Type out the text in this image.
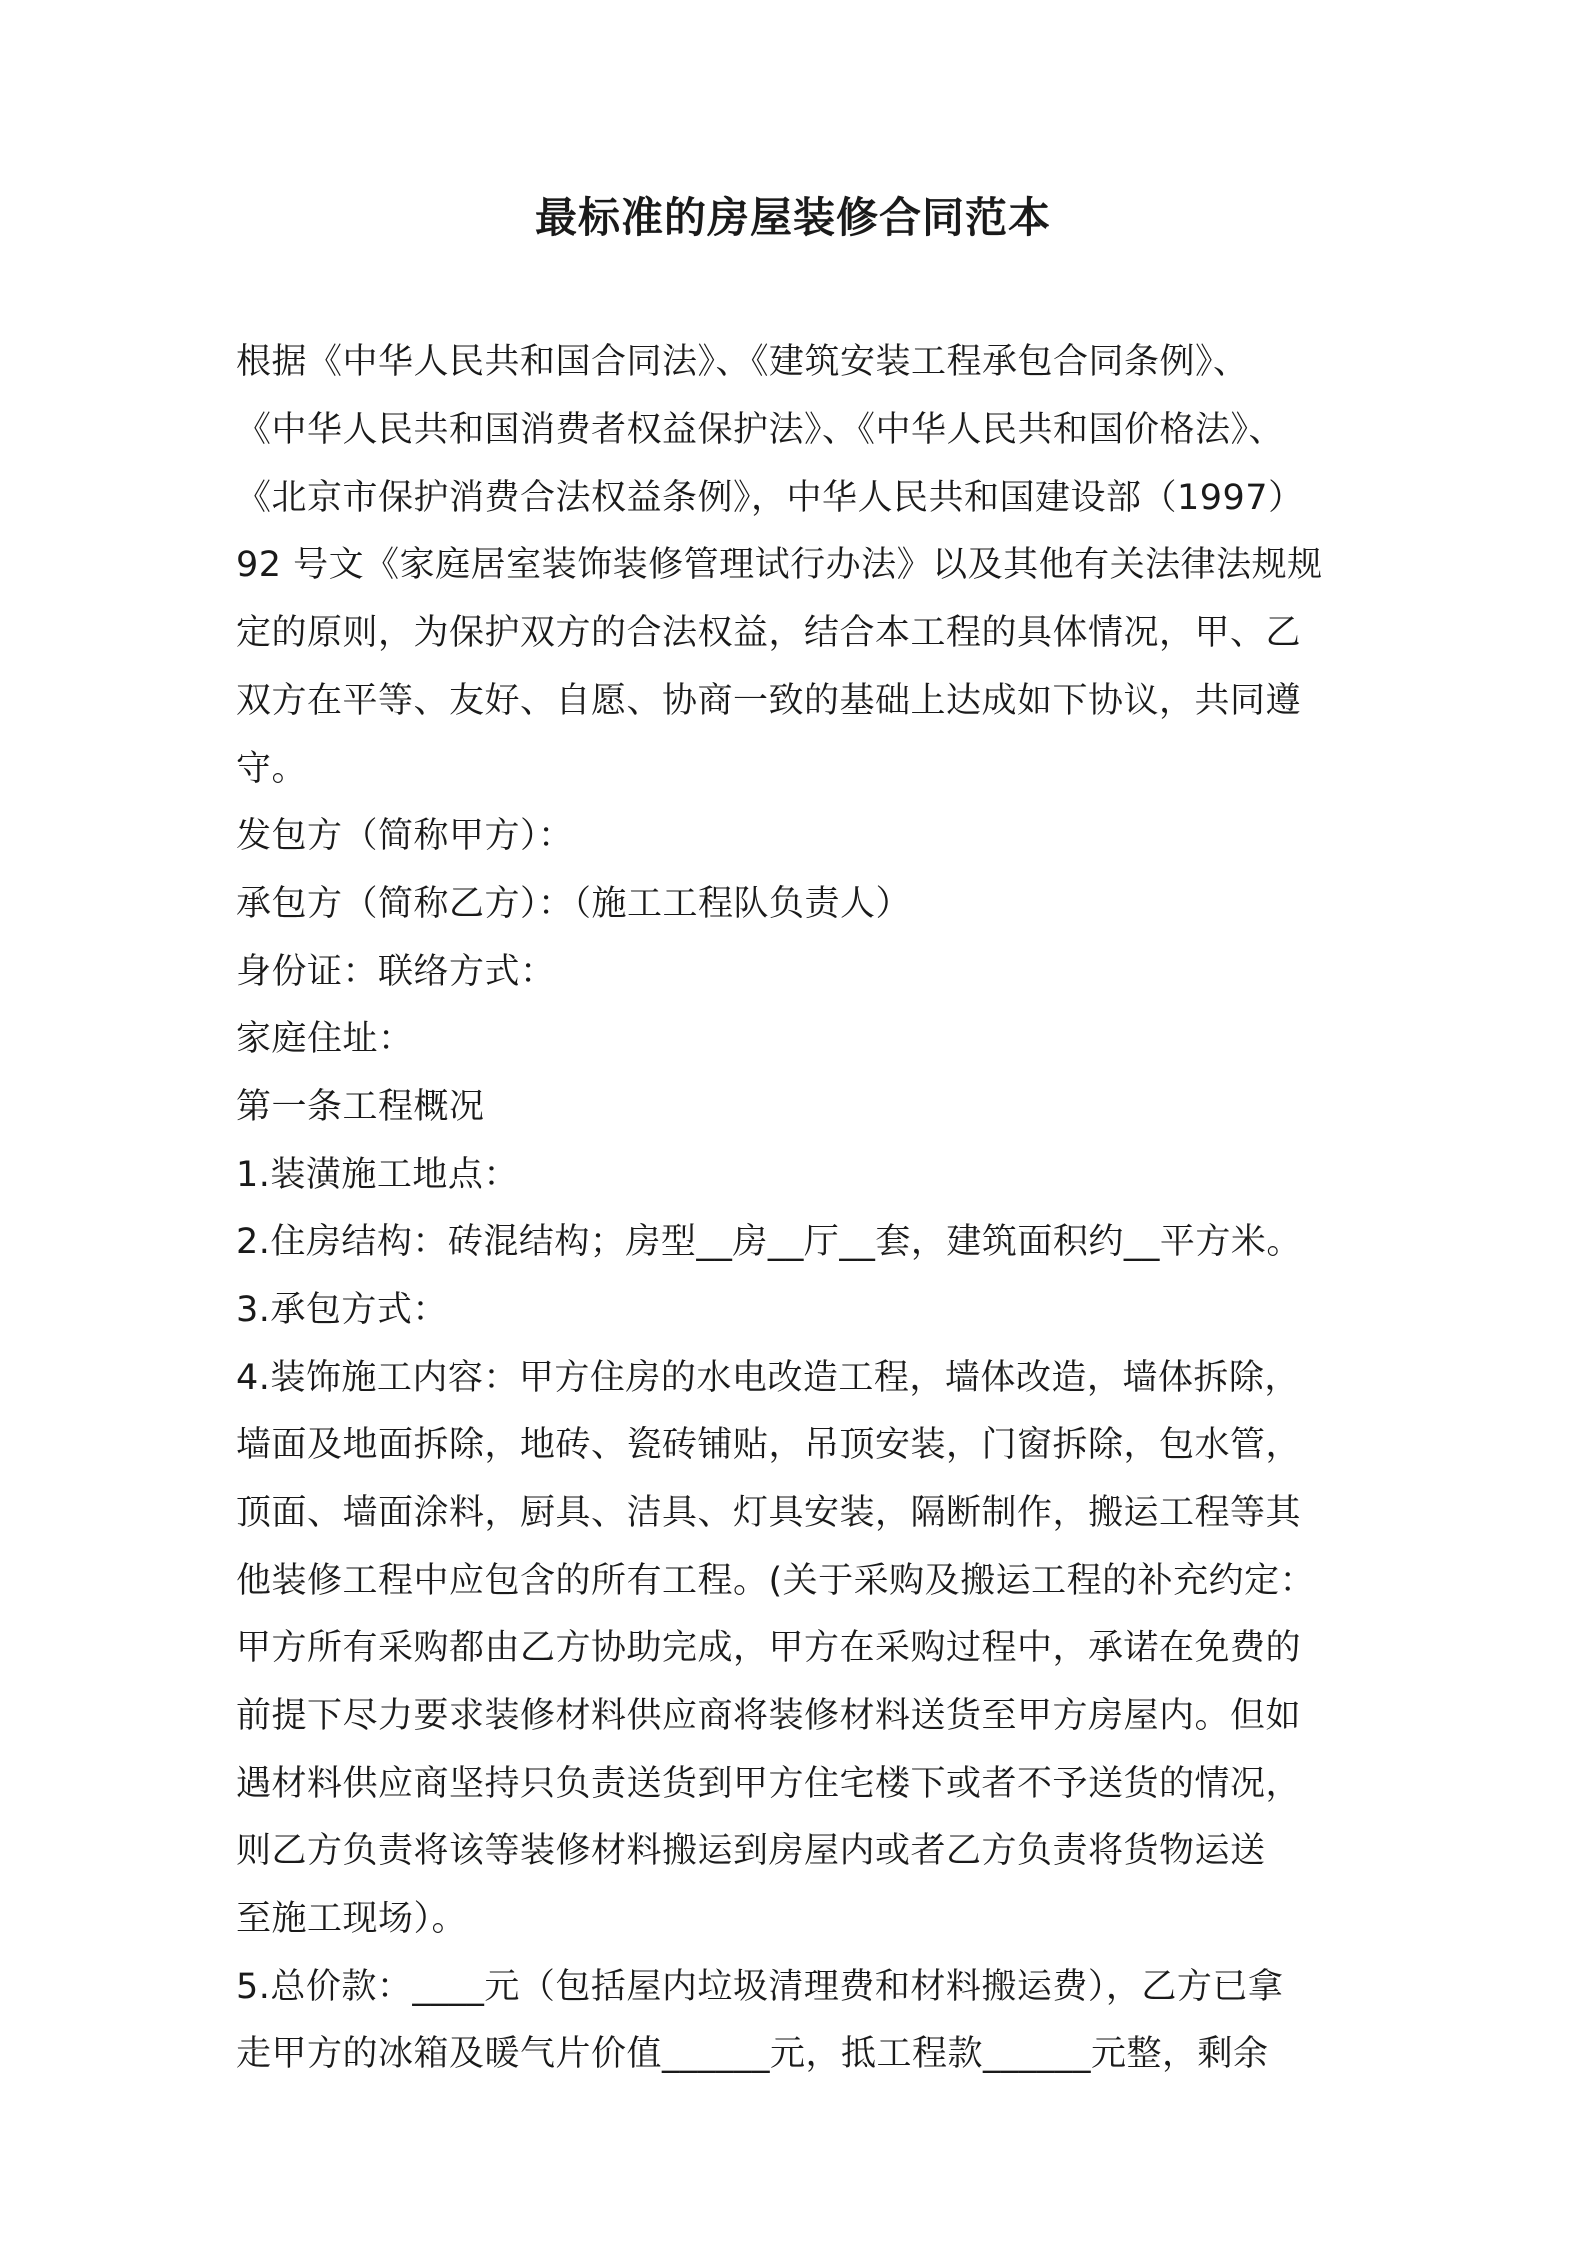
最标准的房屋装修合同范本
根据《中华人民共和国合同法》、《建筑安装工程承包合同条例》、
《中华人民共和国消费者权益保护法》、《中华人民共和国价格法》、
《北京市保护消费合法权益条例》，中华人民共和国建设部（1997）
92 号文《家庭居室装饰装修管理试行办法》以及其他有关法律法规规
定的原则，为保护双方的合法权益，结合本工程的具体情况，甲、乙
双方在平等、友好、自愿、协商一致的基础上达成如下协议，共同遵
守。
发包方（简称甲方）：
承包方（简称乙方）：（施工工程队负责人）
身份证：联络方式：
家庭住址：
第一条工程概况
1.装潢施工地点：
2.住房结构：砖混结构；房型__房__厅__套，建筑面积约__平方米。
3.承包方式：
4.装饰施工内容：甲方住房的水电改造工程，墙体改造，墙体拆除，
墙面及地面拆除，地砖、瓷砖铺贴，吊顶安装，门窗拆除，包水管，
顶面、墙面涂料，厨具、洁具、灯具安装，隔断制作，搬运工程等其
他装修工程中应包含的所有工程。(关于采购及搬运工程的补充约定：
甲方所有采购都由乙方协助完成，甲方在采购过程中，承诺在免费的
前提下尽力要求装修材料供应商将装修材料送货至甲方房屋内。但如
遇材料供应商坚持只负责送货到甲方住宅楼下或者不予送货的情况，
则乙方负责将该等装修材料搬运到房屋内或者乙方负责将货物运送
至施工现场）。
5.总价款：____元（包括屋内垃圾清理费和材料搬运费），乙方已拿
走甲方的冰箱及暖气片价值______元，抵工程款______元整，剩余
